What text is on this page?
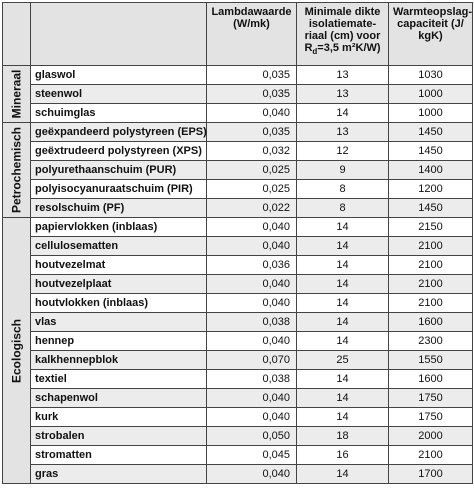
		Lambdawaarde (W/mk)	Minimale dikte isolatiemate-riaal (cm) voor $R_d=3,5$ m²K/W)	Warmteopslag-capaciteit (J/ kgK)

Mineraal	glaswol	0,035	13	1030
	steenwol	0,035	13	1000
	schuimglas	0,040	14	1000

Petrochemisch	geëxpandeerd polystyreen (EPS)	0,035	13	1450
	geëxtrudeerd polystyreen (XPS)	0,032	12	1450
	polyurethaanschuim (PUR)	0,025	9	1400
	polyisocyanuraatschuim (PIR)	0,025	8	1200
	resolschuim (PF)	0,022	8	1450

Ecologisch	papiervlokken (inblaas)	0,040	14	2150
	cellulosematten	0,040	14	2100
	houtvezelmat	0,036	14	2100
	houtvezelplaat	0,040	14	2100
	houtvlokken (inblaas)	0,040	14	2100
	vlas	0,038	14	1600
	hennep	0,040	14	2300
	kalkhennepblok	0,070	25	1550
	textiel	0,038	14	1600
	schapenwol	0,040	14	1750
	kurk	0,040	14	1750
	strobalen	0,050	18	2000
	stromatten	0,045	16	2100
	gras	0,040	14	1700
